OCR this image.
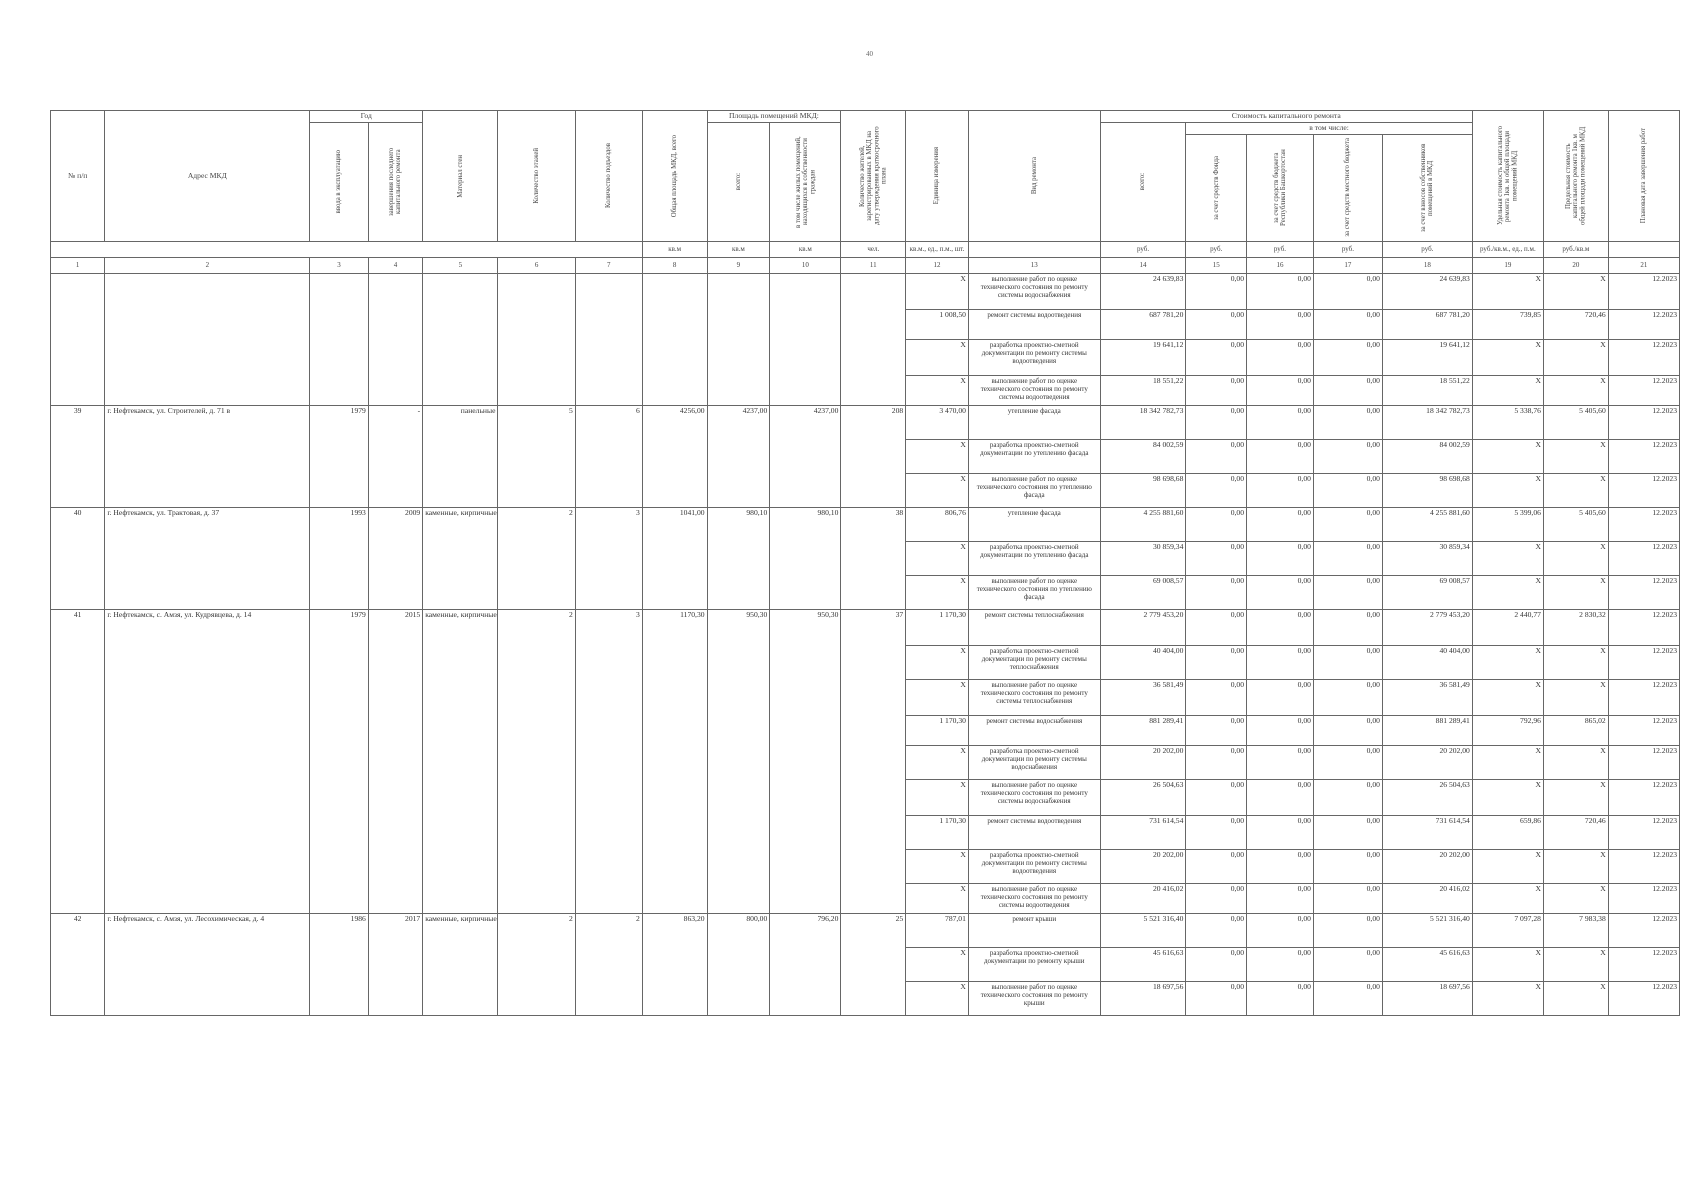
40
№ п/п	Адрес МКД	Год		Материал стен	Количество этажей	Количество подъездов	Общая площадь МКД, всего	Площадь помещений МКД:		Количество жителей, зарегистрированных в МКД на дату утверждения краткосрочного плана	Единица измерения	Вид ремонта	Стоимость капитального ремонта					Удельная стоимость капитального ремонта 1кв. м общей площади помещений МКД	Предельная стоимость капитального ремонта 1кв. м общей площади помещений МКД	Плановая дата завершения работ

		ввода в эксплуатацию	завершения последнего капитального ремонта					всего:	в том числе жилых помещений, находящихся в собственности граждан				всего:	в том числе:						

														за счет средств Фонда	за счет средств бюджета Республики Башкортостан	за счет средств местного бюджета	за счет взносов собственников помещений в МКД			

							кв.м	кв.м	кв.м	чел.	кв.м., ед., п.м., шт.		руб.	руб.	руб.	руб.	руб.	руб./кв.м., ед., п.м.	руб./кв.м	
1	2	3	4	5	6	7	8	9	10	11	12	13	14	15	16	17	18	19	20	21
											X	выполнение работ по оценке технического состояния по ремонту системы водоснабжения	24 639,83	0,00	0,00	0,00	24 639,83	X	X	12.2023
											1 008,50	ремонт системы водоотведения	687 781,20	0,00	0,00	0,00	687 781,20	739,85	720,46	12.2023
											X	разработка проектно-сметной документации по ремонту системы водоотведения	19 641,12	0,00	0,00	0,00	19 641,12	X	X	12.2023
											X	выполнение работ по оценке технического состояния по ремонту системы водоотведения	18 551,22	0,00	0,00	0,00	18 551,22	X	X	12.2023
39	г. Нефтекамск, ул. Строителей, д. 71 в	1979	-	панельные	5	6	4256,00	4237,00	4237,00	208	3 470,00	утепление фасада	18 342 782,73	0,00	0,00	0,00	18 342 782,73	5 338,76	5 405,60	12.2023
											X	разработка проектно-сметной документации по утеплению фасада	84 002,59	0,00	0,00	0,00	84 002,59	X	X	12.2023
											X	выполнение работ по оценке технического состояния по утеплению фасада	98 698,68	0,00	0,00	0,00	98 698,68	X	X	12.2023
40	г. Нефтекамск, ул. Трактовая, д. 37	1993	2009	каменные, кирпичные	2	3	1041,00	980,10	980,10	38	806,76	утепление фасада	4 255 881,60	0,00	0,00	0,00	4 255 881,60	5 399,06	5 405,60	12.2023
											X	разработка проектно-сметной документации по утеплению фасада	30 859,34	0,00	0,00	0,00	30 859,34	X	X	12.2023
											X	выполнение работ по оценке технического состояния по утеплению фасада	69 008,57	0,00	0,00	0,00	69 008,57	X	X	12.2023
41	г. Нефтекамск, с. Амзя, ул. Кудрявцева, д. 14	1979	2015	каменные, кирпичные	2	3	1170,30	950,30	950,30	37	1 170,30	ремонт системы теплоснабжения	2 779 453,20	0,00	0,00	0,00	2 779 453,20	2 440,77	2 830,32	12.2023
											X	разработка проектно-сметной документации по ремонту системы теплоснабжения	40 404,00	0,00	0,00	0,00	40 404,00	X	X	12.2023
											X	выполнение работ по оценке технического состояния по ремонту системы теплоснабжения	36 581,49	0,00	0,00	0,00	36 581,49	X	X	12.2023
											1 170,30	ремонт системы водоснабжения	881 289,41	0,00	0,00	0,00	881 289,41	792,96	865,02	12.2023
											X	разработка проектно-сметной документации по ремонту системы водоснабжения	20 202,00	0,00	0,00	0,00	20 202,00	X	X	12.2023
											X	выполнение работ по оценке технического состояния по ремонту системы водоснабжения	26 504,63	0,00	0,00	0,00	26 504,63	X	X	12.2023
											1 170,30	ремонт системы водоотведения	731 614,54	0,00	0,00	0,00	731 614,54	659,86	720,46	12.2023
											X	разработка проектно-сметной документации по ремонту системы водоотведения	20 202,00	0,00	0,00	0,00	20 202,00	X	X	12.2023
											X	выполнение работ по оценке технического состояния по ремонту системы водоотведения	20 416,02	0,00	0,00	0,00	20 416,02	X	X	12.2023
42	г. Нефтекамск, с. Амзя, ул. Лесохимическая, д. 4	1986	2017	каменные, кирпичные	2	2	863,20	800,00	796,20	25	787,01	ремонт крыши	5 521 316,40	0,00	0,00	0,00	5 521 316,40	7 097,28	7 983,38	12.2023
											X	разработка проектно-сметной документации по ремонту крыши	45 616,63	0,00	0,00	0,00	45 616,63	X	X	12.2023
											X	выполнение работ по оценке технического состояния по ремонту крыши	18 697,56	0,00	0,00	0,00	18 697,56	X	X	12.2023
